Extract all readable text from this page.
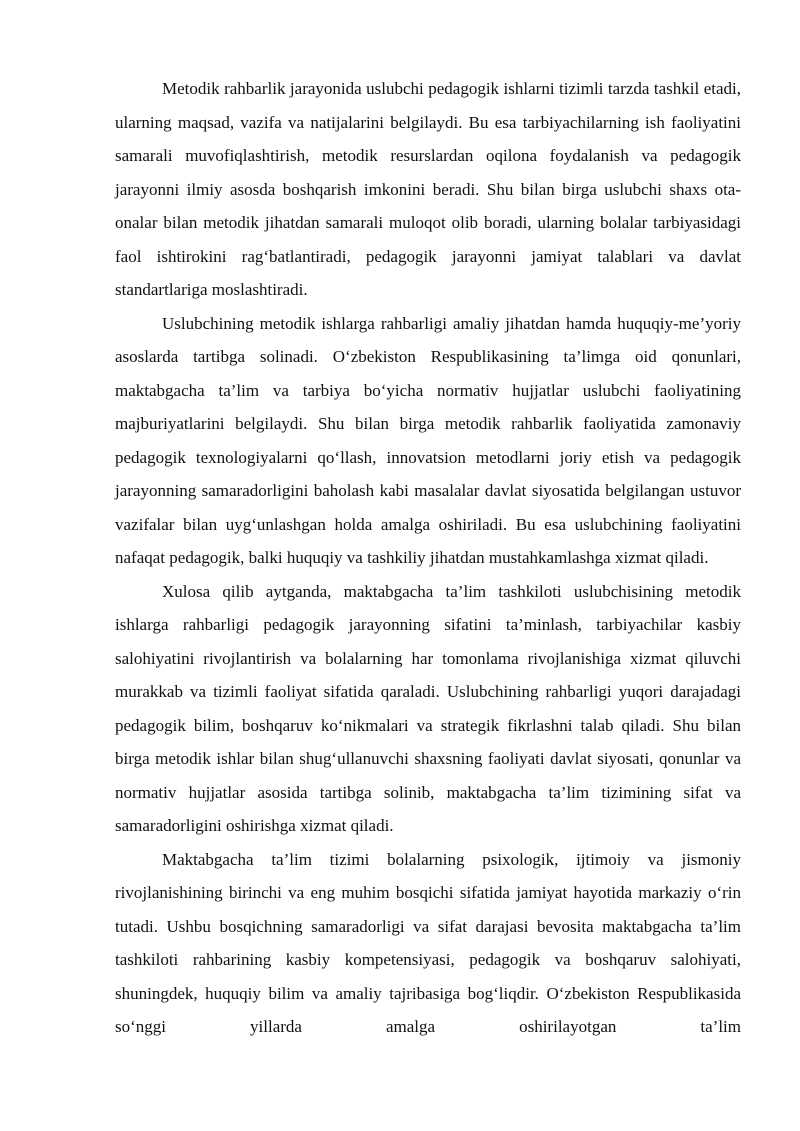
Metodik rahbarlik jarayonida uslubchi pedagogik ishlarni tizimli tarzda tashkil etadi, ularning maqsad, vazifa va natijalarini belgilaydi. Bu esa tarbiyachilarning ish faoliyatini samarali muvofiqlashtirish, metodik resurslardan oqilona foydalanish va pedagogik jarayonni ilmiy asosda boshqarish imkonini beradi. Shu bilan birga uslubchi shaxs ota-onalar bilan metodik jihatdan samarali muloqot olib boradi, ularning bolalar tarbiyasidagi faol ishtirokini rag‘batlantiradi, pedagogik jarayonni jamiyat talablari va davlat standartlariga moslashtiradi.

Uslubchining metodik ishlarga rahbarligi amaliy jihatdan hamda huquqiy-me’yoriy asoslarda tartibga solinadi. O‘zbekiston Respublikasining ta’limga oid qonunlari, maktabgacha ta’lim va tarbiya bo‘yicha normativ hujjatlar uslubchi faoliyatining majburiyatlarini belgilaydi. Shu bilan birga metodik rahbarlik faoliyatida zamonaviy pedagogik texnologiyalarni qo‘llash, innovatsion metodlarni joriy etish va pedagogik jarayonning samaradorligini baholash kabi masalalar davlat siyosatida belgilangan ustuvor vazifalar bilan uyg‘unlashgan holda amalga oshiriladi. Bu esa uslubchining faoliyatini nafaqat pedagogik, balki huquqiy va tashkiliy jihatdan mustahkamlashga xizmat qiladi.

Xulosa qilib aytganda, maktabgacha ta’lim tashkiloti uslubchisining metodik ishlarga rahbarligi pedagogik jarayonning sifatini ta’minlash, tarbiyachilar kasbiy salohiyatini rivojlantirish va bolalarning har tomonlama rivojlanishiga xizmat qiluvchi murakkab va tizimli faoliyat sifatida qaraladi. Uslubchining rahbarligi yuqori darajadagi pedagogik bilim, boshqaruv ko‘nikmalari va strategik fikrlashni talab qiladi. Shu bilan birga metodik ishlar bilan shug‘ullanuvchi shaxsning faoliyati davlat siyosati, qonunlar va normativ hujjatlar asosida tartibga solinib, maktabgacha ta’lim tizimining sifat va samaradorligini oshirishga xizmat qiladi.

Maktabgacha ta’lim tizimi bolalarning psixologik, ijtimoiy va jismoniy rivojlanishining birinchi va eng muhim bosqichi sifatida jamiyat hayotida markaziy o‘rin tutadi. Ushbu bosqichning samaradorligi va sifat darajasi bevosita maktabgacha ta’lim tashkiloti rahbarining kasbiy kompetensiyasi, pedagogik va boshqaruv salohiyati, shuningdek, huquqiy bilim va amaliy tajribasiga bog‘liqdir. O‘zbekiston Respublikasida so‘nggi yillarda amalga oshirilayotgan ta’lim
